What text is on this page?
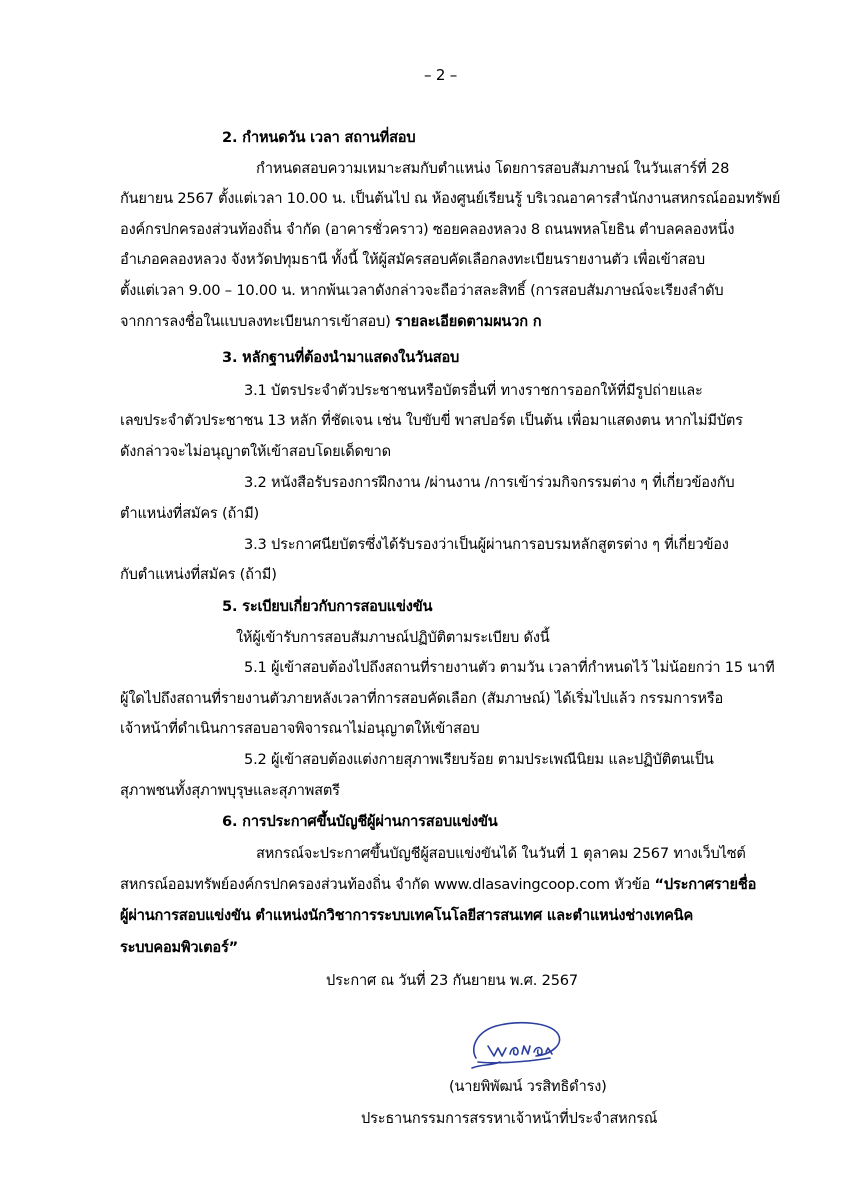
– 2 –
2. กำหนดวัน เวลา สถานที่สอบ
กำหนดสอบความเหมาะสมกับตำแหน่ง โดยการสอบสัมภาษณ์ ในวันเสาร์ที่ 28
กันยายน 2567 ตั้งแต่เวลา 10.00 น. เป็นต้นไป ณ ห้องศูนย์เรียนรู้ บริเวณอาคารสำนักงานสหกรณ์ออมทรัพย์
องค์กรปกครองส่วนท้องถิ่น จำกัด (อาคารชั่วคราว) ซอยคลองหลวง 8 ถนนพหลโยธิน ตำบลคลองหนึ่ง
อำเภอคลองหลวง จังหวัดปทุมธานี ทั้งนี้ ให้ผู้สมัครสอบคัดเลือกลงทะเบียนรายงานตัว เพื่อเข้าสอบ
ตั้งแต่เวลา 9.00 – 10.00 น. หากพ้นเวลาดังกล่าวจะถือว่าสละสิทธิ์ (การสอบสัมภาษณ์จะเรียงลำดับ
จากการลงชื่อในแบบลงทะเบียนการเข้าสอบ) รายละเอียดตามผนวก ก
3. หลักฐานที่ต้องนำมาแสดงในวันสอบ
3.1 บัตรประจำตัวประชาชนหรือบัตรอื่นที่ ทางราชการออกให้ที่มีรูปถ่ายและ
เลขประจำตัวประชาชน 13 หลัก ที่ชัดเจน เช่น ใบขับขี่ พาสปอร์ต เป็นต้น เพื่อมาแสดงตน หากไม่มีบัตร
ดังกล่าวจะไม่อนุญาตให้เข้าสอบโดยเด็ดขาด
3.2 หนังสือรับรองการฝึกงาน /ผ่านงาน /การเข้าร่วมกิจกรรมต่าง ๆ ที่เกี่ยวข้องกับ
ตำแหน่งที่สมัคร (ถ้ามี)
3.3 ประกาศนียบัตรซึ่งได้รับรองว่าเป็นผู้ผ่านการอบรมหลักสูตรต่าง ๆ ที่เกี่ยวข้อง
กับตำแหน่งที่สมัคร (ถ้ามี)
5. ระเบียบเกี่ยวกับการสอบแข่งขัน
ให้ผู้เข้ารับการสอบสัมภาษณ์ปฏิบัติตามระเบียบ ดังนี้
5.1 ผู้เข้าสอบต้องไปถึงสถานที่รายงานตัว ตามวัน เวลาที่กำหนดไว้ ไม่น้อยกว่า 15 นาที
ผู้ใดไปถึงสถานที่รายงานตัวภายหลังเวลาที่การสอบคัดเลือก (สัมภาษณ์) ได้เริ่มไปแล้ว กรรมการหรือ
เจ้าหน้าที่ดำเนินการสอบอาจพิจารณาไม่อนุญาตให้เข้าสอบ
5.2 ผู้เข้าสอบต้องแต่งกายสุภาพเรียบร้อย ตามประเพณีนิยม และปฏิบัติตนเป็น
สุภาพชนทั้งสุภาพบุรุษและสุภาพสตรี
6. การประกาศขึ้นบัญชีผู้ผ่านการสอบแข่งขัน
สหกรณ์จะประกาศขึ้นบัญชีผู้สอบแข่งขันได้ ในวันที่ 1 ตุลาคม 2567 ทางเว็บไซต์
สหกรณ์ออมทรัพย์องค์กรปกครองส่วนท้องถิ่น จำกัด www.dlasavingcoop.com หัวข้อ “ประกาศรายชื่อ
ผู้ผ่านการสอบแข่งขัน ตำแหน่งนักวิชาการระบบเทคโนโลยีสารสนเทศ และตำแหน่งช่างเทคนิค
ระบบคอมพิวเตอร์”
ประกาศ ณ วันที่ 23 กันยายน พ.ศ. 2567
(นายพิพัฒน์ วรสิทธิดำรง)
ประธานกรรมการสรรหาเจ้าหน้าที่ประจำสหกรณ์
